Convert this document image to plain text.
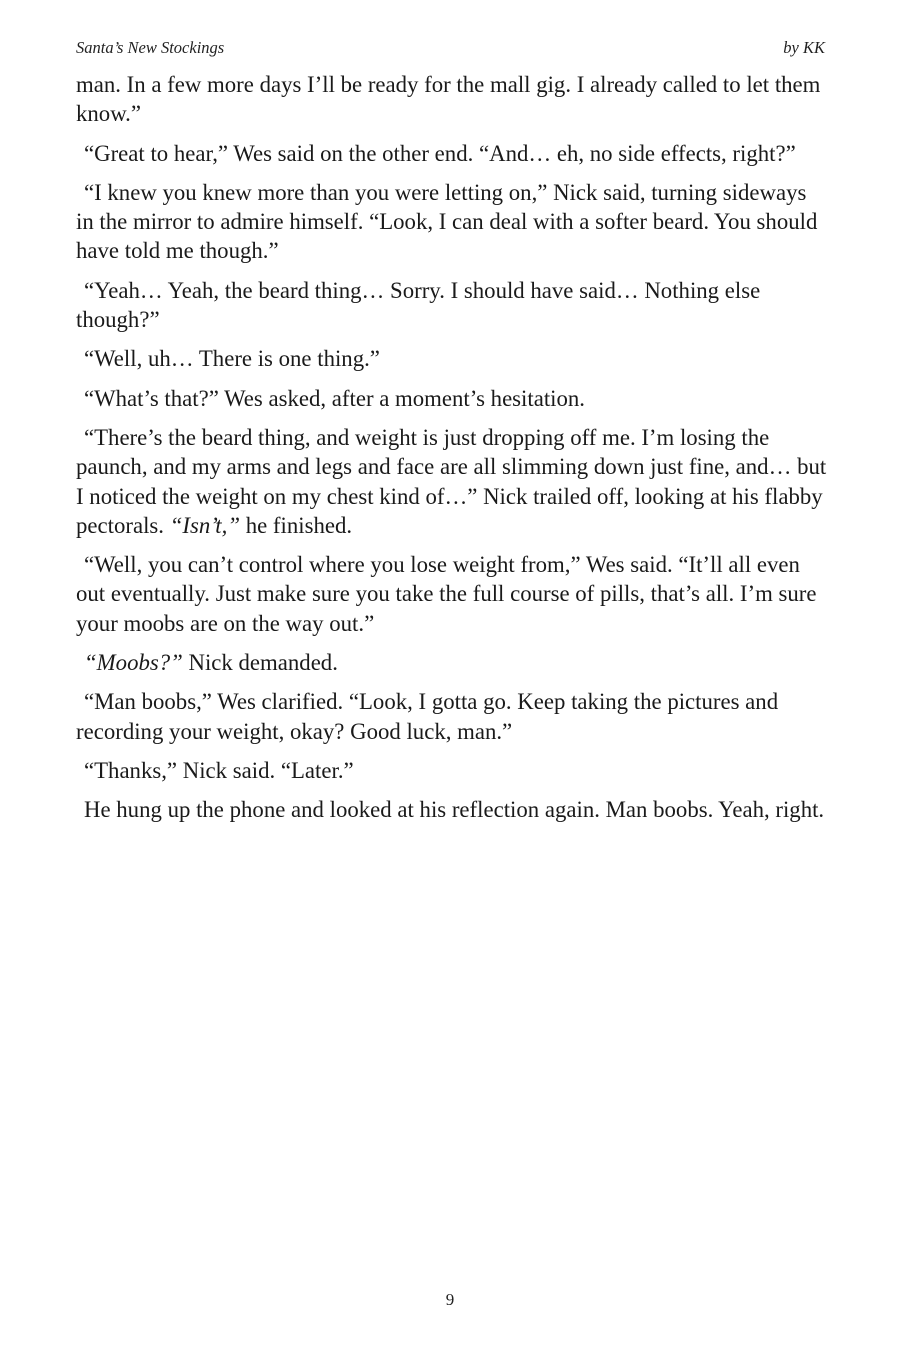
Santa’s New Stockings	by KK

man. In a few more days I’ll be ready for the mall gig. I already called to let them know.”

“Great to hear,” Wes said on the other end. “And… eh, no side effects, right?”

“I knew you knew more than you were letting on,” Nick said, turning sideways in the mirror to admire himself. “Look, I can deal with a softer beard. You should have told me though.”

“Yeah… Yeah, the beard thing… Sorry. I should have said… Nothing else though?”

“Well, uh… There is one thing.”

“What’s that?” Wes asked, after a moment’s hesitation.

“There’s the beard thing, and weight is just dropping off me. I’m losing the paunch, and my arms and legs and face are all slimming down just fine, and… but I noticed the weight on my chest kind of…” Nick trailed off, looking at his flabby pectorals. “Isn’t,” he finished.

“Well, you can’t control where you lose weight from,” Wes said. “It’ll all even out eventually. Just make sure you take the full course of pills, that’s all. I’m sure your moobs are on the way out.”

“Moobs?” Nick demanded.

“Man boobs,” Wes clarified. “Look, I gotta go. Keep taking the pictures and recording your weight, okay? Good luck, man.”

“Thanks,” Nick said. “Later.”

He hung up the phone and looked at his reflection again. Man boobs. Yeah, right.

9
